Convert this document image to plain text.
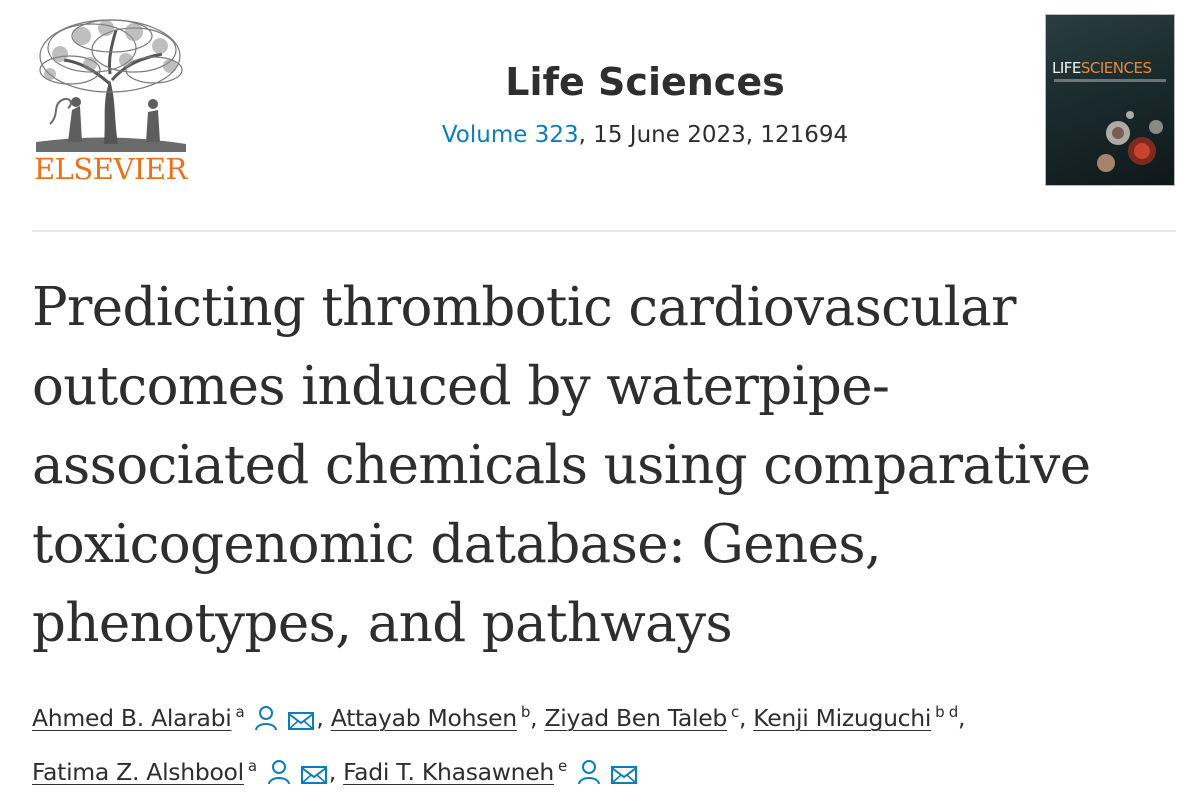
ELSEVIER
Life Sciences
Volume 323, 15 June 2023, 121694
LIFESCIENCES
Predicting thrombotic cardiovascular
outcomes induced by waterpipe-
associated chemicals using comparative
toxicogenomic database: Genes,
phenotypes, and pathways
Ahmed B. Alarabi $^a$	, Attayab Mohsen $^b$, Ziyad Ben Taleb $^c$, Kenji Mizuguchi $^{b d}$,
Fatima Z. Alshbool $^a$	, Fadi T. Khasawneh $^e$
